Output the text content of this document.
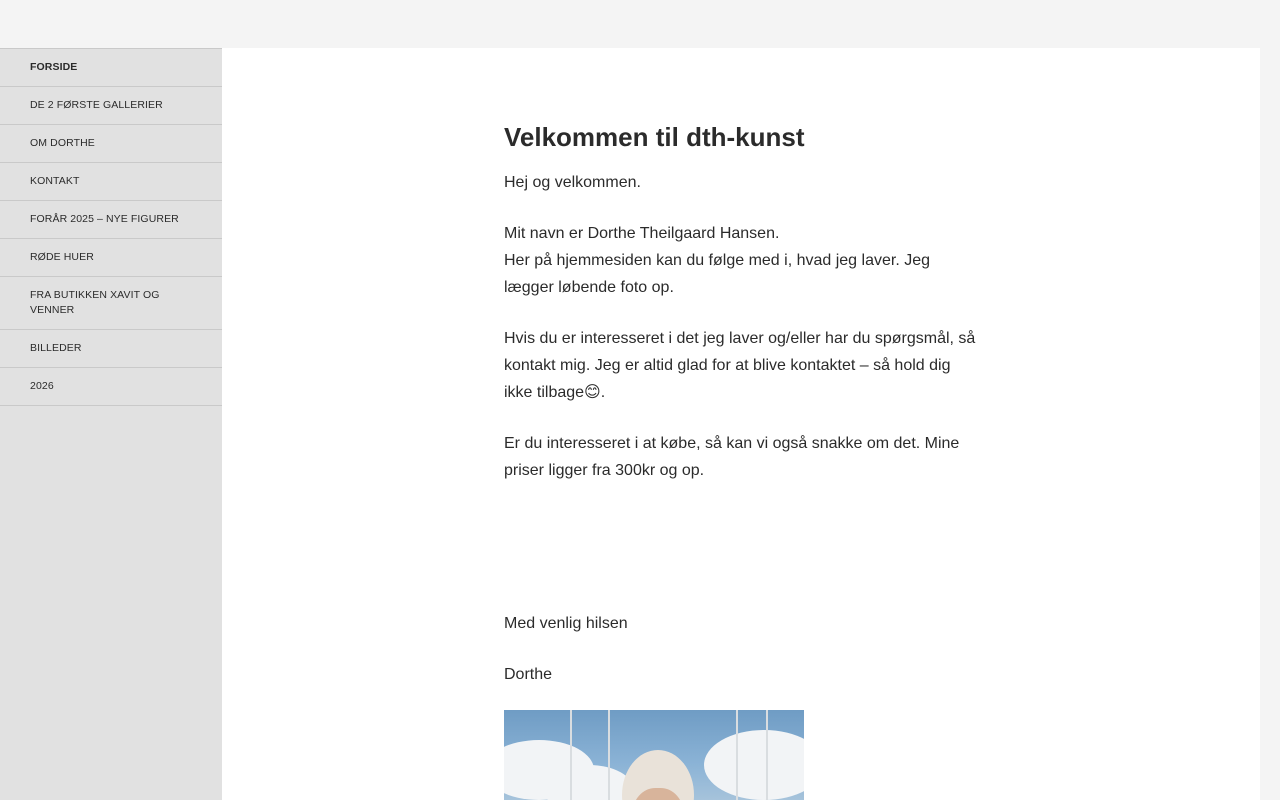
FORSIDE
DE 2 FØRSTE GALLERIER
OM DORTHE
KONTAKT
FORÅR 2025 – NYE FIGURER
RØDE HUER
FRA BUTIKKEN XAVIT OG VENNER
BILLEDER
2026
Velkommen til dth-kunst

Hej og velkommen.

Mit navn er Dorthe Theilgaard Hansen.
Her på hjemmesiden kan du følge med i, hvad jeg laver. Jeg lægger løbende foto op.

Hvis du er interesseret i det jeg laver og/eller har du spørgsmål, så kontakt mig. Jeg er altid glad for at blive kontaktet – så hold dig ikke tilbage😊.

Er du interesseret i at købe, så kan vi også snakke om det. Mine priser ligger fra 300kr og op.

Med venlig hilsen

Dorthe
